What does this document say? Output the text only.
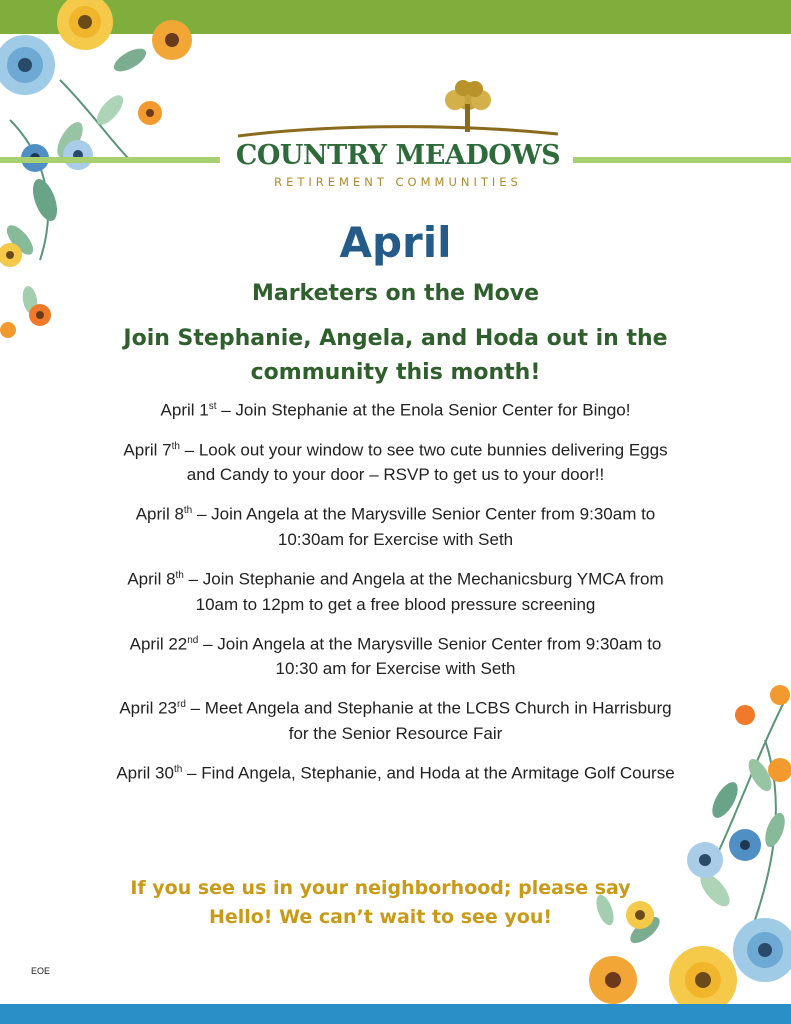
COUNTRY MEADOWS
RETIREMENT COMMUNITIES
April
Marketers on the Move
Join Stephanie, Angela, and Hoda out in the community this month!

April 1st – Join Stephanie at the Enola Senior Center for Bingo!

April 7th – Look out your window to see two cute bunnies delivering Eggs and Candy to your door – RSVP to get us to your door!!

April 8th – Join Angela at the Marysville Senior Center from 9:30am to 10:30am for Exercise with Seth

April 8th – Join Stephanie and Angela at the Mechanicsburg YMCA from 10am to 12pm to get a free blood pressure screening

April 22nd – Join Angela at the Marysville Senior Center from 9:30am to 10:30 am for Exercise with Seth

April 23rd – Meet Angela and Stephanie at the LCBS Church in Harrisburg for the Senior Resource Fair

April 30th – Find Angela, Stephanie, and Hoda at the Armitage Golf Course

If you see us in your neighborhood; please say Hello! We can’t wait to see you!
EOE
